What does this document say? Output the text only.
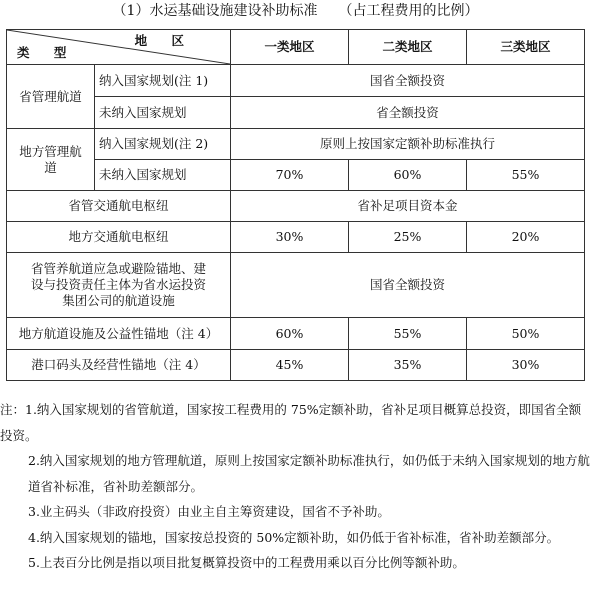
（1）水运基础设施建设补助标准　　（占工程费用的比例）
地 区
类 型		一类地区	二类地区	三类地区
省管理航道	纳入国家规划(注 1)	国省全额投资		
	未纳入国家规划	省全额投资		
地方管理航道	纳入国家规划(注 2)	原则上按国家定额补助标准执行		
	未纳入国家规划	70%	60%	55%
省管交通航电枢纽		省补足项目资本金		
地方交通航电枢纽		30%	25%	20%
省管养航道应急或避险锚地、建设与投资责任主体为省水运投资集团公司的航道设施		国省全额投资		
地方航道设施及公益性锚地（注 4）		60%	55%	50%
港口码头及经营性锚地（注 4）		45%	35%	30%

注：1.纳入国家规划的省管航道，国家按工程费用的 75%定额补助，省补足项目概算总投资，即国省全额投资。

2.纳入国家规划的地方管理航道，原则上按国家定额补助标准执行，如仍低于未纳入国家规划的地方航道省补标准，省补助差额部分。

3.业主码头（非政府投资）由业主自主筹资建设，国省不予补助。

4.纳入国家规划的锚地，国家按总投资的 50%定额补助，如仍低于省补标准，省补助差额部分。

5.上表百分比例是指以项目批复概算投资中的工程费用乘以百分比例等额补助。
